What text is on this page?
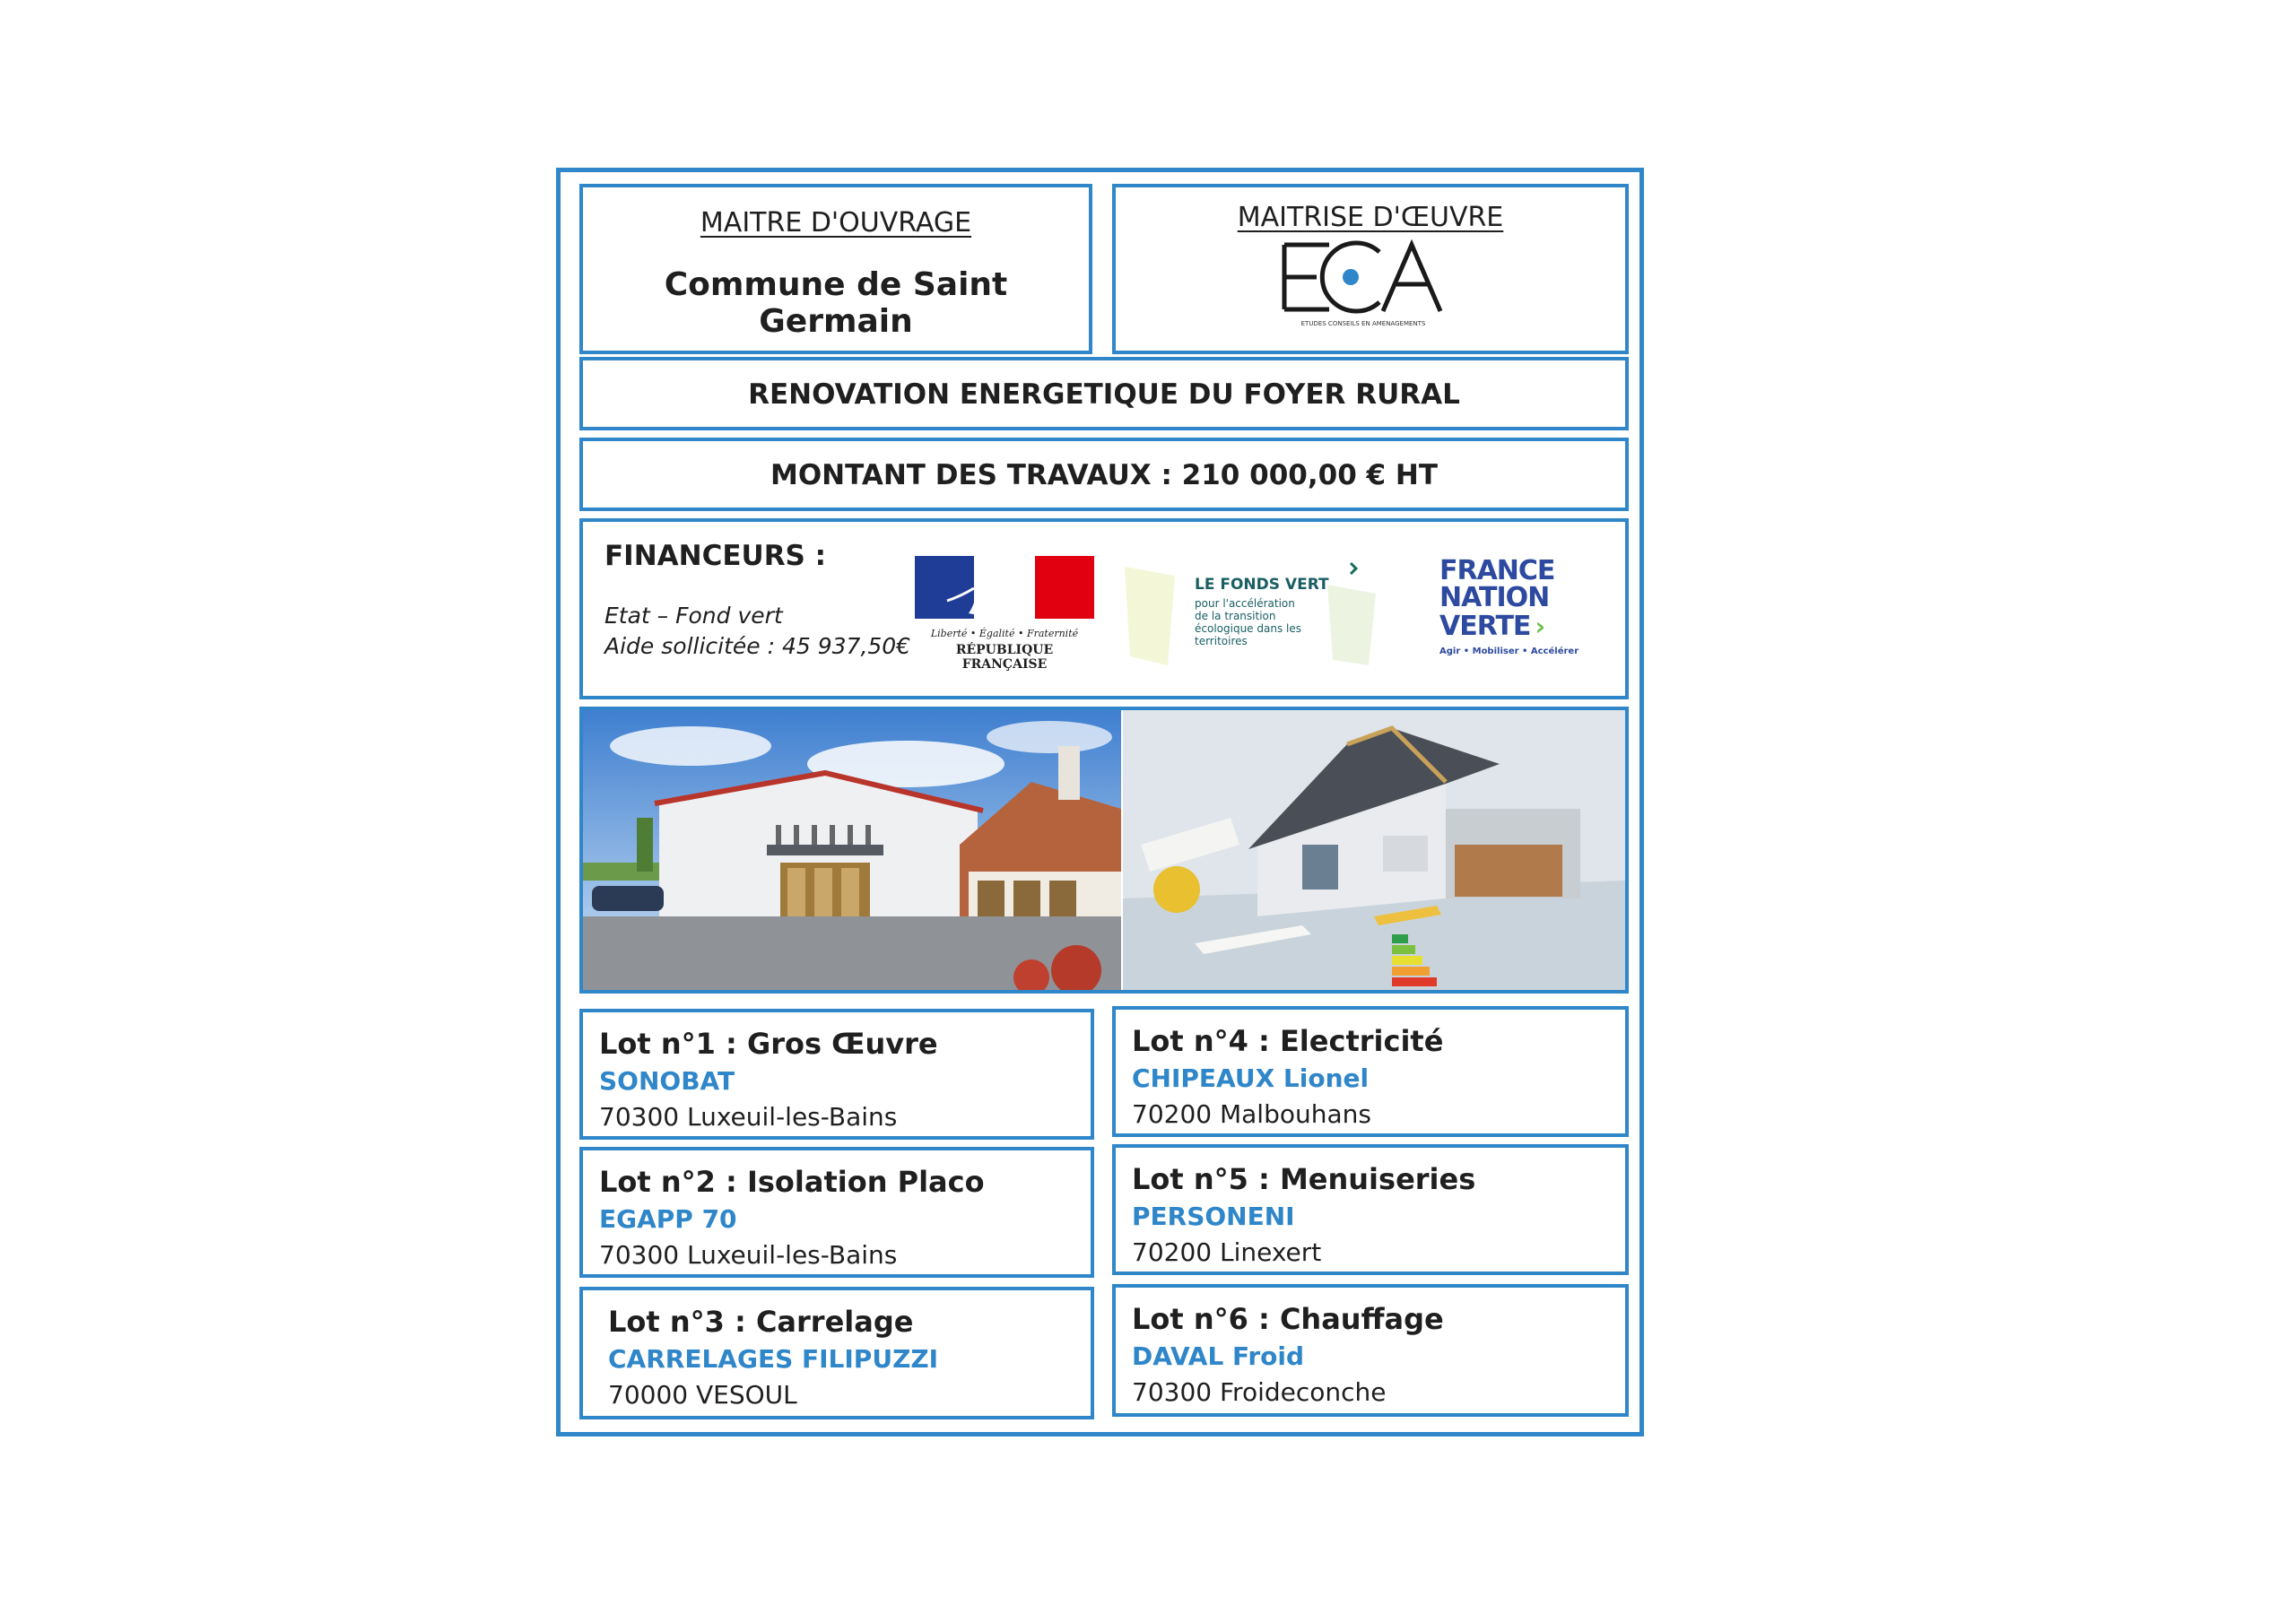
MAITRE D'OUVRAGE
Commune de Saint Germain
MAITRISE D'ŒUVRE
ETUDES CONSEILS EN AMENAGEMENTS
RENOVATION ENERGETIQUE DU FOYER RURAL
MONTANT DES TRAVAUX : 210 000,00 € HT
FINANCEURS :
Etat – Fond vert
Aide sollicitée : 45 937,50€	Liberté • Égalité • Fraternité
RÉPUBLIQUE FRANÇAISE
LE FONDS VERT
pour l'accélération de la transition écologique dans les territoires
FRANCE
NATION
VERTE ›
Agir • Mobiliser • Accélérer
Lot n°1 : Gros Œuvre
SONOBAT
70300 Luxeuil-les-Bains
Lot n°2 : Isolation Placo
EGAPP 70
70300 Luxeuil-les-Bains
Lot n°3 : Carrelage
CARRELAGES FILIPUZZI
70000 VESOUL
Lot n°4 : Electricité
CHIPEAUX Lionel
70200 Malbouhans
Lot n°5 : Menuiseries
PERSONENI
70200 Linexert
Lot n°6 : Chauffage
DAVAL Froid
70300 Froideconche
